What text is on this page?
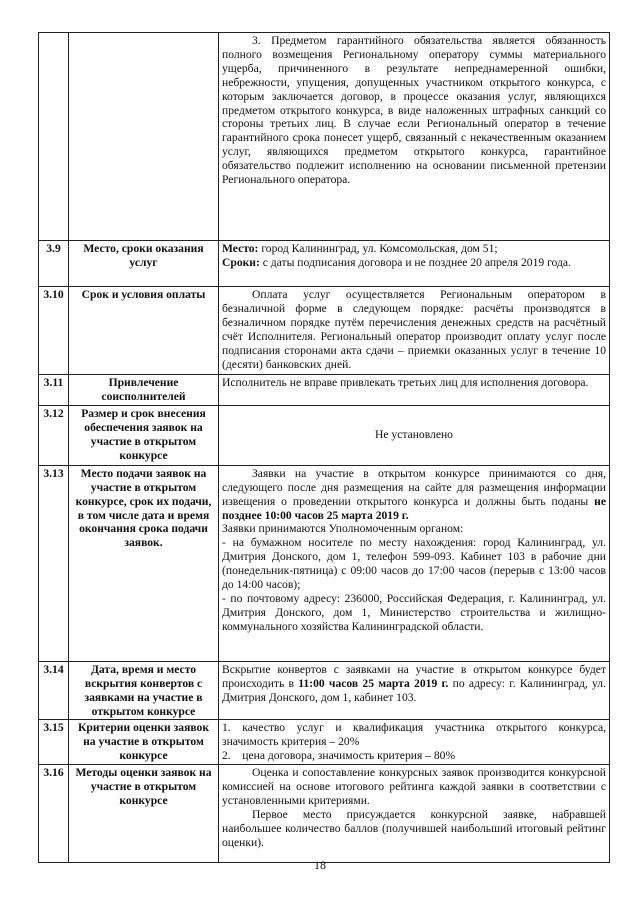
		3. Предметом гарантийного обязательства является обязанность полного возмещения Региональному оператору суммы материального ущерба, причиненного в результате непреднамеренной ошибки, небрежности, упущения, допущенных участником открытого конкурса, с которым заключается договор, в процессе оказания услуг, являющихся предметом открытого конкурса, в виде наложенных штрафных санкций со стороны третьих лиц. В случае если Региональный оператор в течение гарантийного срока понесет ущерб, связанный с некачественным оказанием услуг, являющихся предметом открытого конкурса, гарантийное обязательство подлежит исполнению на основании письменной претензии Регионального оператора.

3.9	Место, сроки оказания услуг	Место: город Калининград, ул. Комсомольская, дом 51;

Сроки: с даты подписания договора и не позднее 20 апреля 2019 года.

3.10	Срок и условия оплаты	Оплата услуг осуществляется Региональным оператором в безналичной форме в следующем порядке: расчёты производятся в безналичном порядке путём перечисления денежных средств на расчётный счёт Исполнителя. Региональный оператор производит оплату услуг после подписания сторонами акта сдачи – приемки оказанных услуг в течение 10 (десяти) банковских дней.

3.11	Привлечение соисполнителей	Исполнитель не вправе привлекать третьих лиц для исполнения договора.

3.12	Размер и срок внесения обеспечения заявок на участие в открытом конкурсе	Не установлено

3.13	Место подачи заявок на участие в открытом конкурсе, срок их подачи, в том числе дата и время окончания срока подачи заявок.	Заявки на участие в открытом конкурсе принимаются со дня, следующего после дня размещения на сайте для размещения информации извещения о проведении открытого конкурса и должны быть поданы не позднее 10:00 часов 25 марта 2019 г.

Заявки принимаются Уполномоченным органом:

- на бумажном носителе по месту нахождения: город Калининград, ул. Дмитрия Донского, дом 1, телефон 599-093. Кабинет 103 в рабочие дни (понедельник-пятница) с 09:00 часов до 17:00 часов (перерыв с 13:00 часов до 14:00 часов);

- по почтовому адресу: 236000, Российская Федерация, г. Калининград, ул. Дмитрия Донского, дом 1, Министерство строительства и жилищно-коммунального хозяйства Калининградской области.

3.14	Дата, время и место вскрытия конвертов с заявками на участие в открытом конкурсе	Вскрытие конвертов с заявками на участие в открытом конкурсе будет происходить в 11:00 часов 25 марта 2019 г. по адресу: г. Калининград, ул. Дмитрия Донского, дом 1, кабинет 103.

3.15	Критерии оценки заявок на участие в открытом конкурсе	1. качество услуг и квалификация участника открытого конкурса, значимость критерия – 20%

2. цена договора, значимость критерия – 80%

3.16	Методы оценки заявок на участие в открытом конкурсе	Оценка и сопоставление конкурсных заявок производится конкурсной комиссией на основе итогового рейтинга каждой заявки в соответствии с установленными критериями.

Первое место присуждается конкурсной заявке, набравшей наибольшее количество баллов (получившей наибольший итоговый рейтинг оценки).

18
